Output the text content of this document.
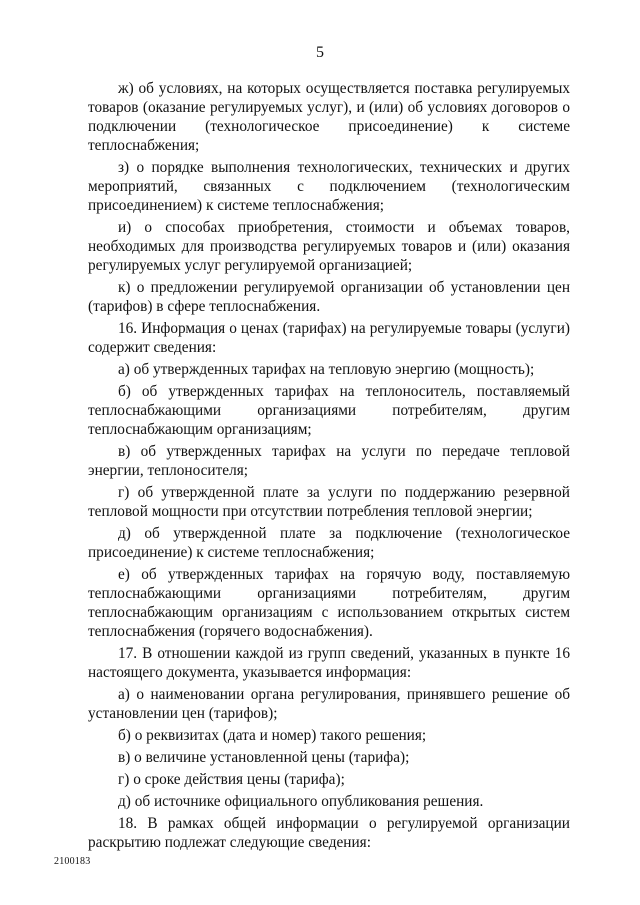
5

ж) об условиях, на которых осуществляется поставка регулируемых товаров (оказание регулируемых услуг), и (или) об условиях договоров о подключении (технологическое присоединение) к системе теплоснабжения;

з) о порядке выполнения технологических, технических и других мероприятий, связанных с подключением (технологическим присоединением) к системе теплоснабжения;

и) о способах приобретения, стоимости и объемах товаров, необходимых для производства регулируемых товаров и (или) оказания регулируемых услуг регулируемой организацией;

к) о предложении регулируемой организации об установлении цен (тарифов) в сфере теплоснабжения.

16. Информация о ценах (тарифах) на регулируемые товары (услуги) содержит сведения:

а) об утвержденных тарифах на тепловую энергию (мощность);

б) об утвержденных тарифах на теплоноситель, поставляемый теплоснабжающими организациями потребителям, другим теплоснабжающим организациям;

в) об утвержденных тарифах на услуги по передаче тепловой энергии, теплоносителя;

г) об утвержденной плате за услуги по поддержанию резервной тепловой мощности при отсутствии потребления тепловой энергии;

д) об утвержденной плате за подключение (технологическое присоединение) к системе теплоснабжения;

е) об утвержденных тарифах на горячую воду, поставляемую теплоснабжающими организациями потребителям, другим теплоснабжающим организациям с использованием открытых систем теплоснабжения (горячего водоснабжения).

17. В отношении каждой из групп сведений, указанных в пункте 16 настоящего документа, указывается информация:

а) о наименовании органа регулирования, принявшего решение об установлении цен (тарифов);

б) о реквизитах (дата и номер) такого решения;

в) о величине установленной цены (тарифа);

г) о сроке действия цены (тарифа);

д) об источнике официального опубликования решения.

18. В рамках общей информации о регулируемой организации раскрытию подлежат следующие сведения:

2100183
